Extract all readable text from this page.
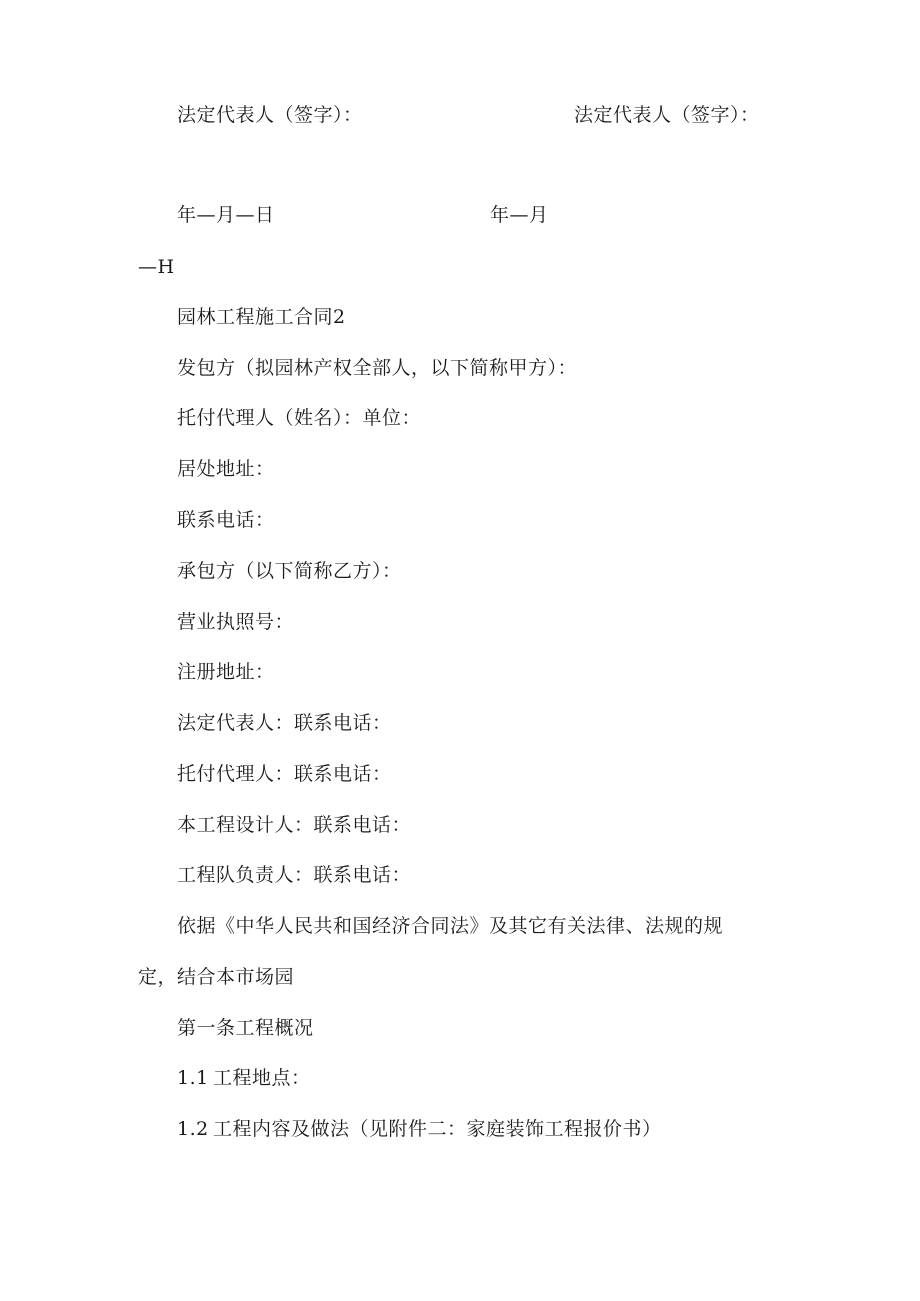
法定代表人（签字）：	法定代表人（签字）：
年—月—日	年—月
—H
园林工程施工合同2
发包方（拟园林产权全部人，以下简称甲方）：
托付代理人（姓名）：单位：
居处地址：
联系电话：
承包方（以下简称乙方）：
营业执照号：
注册地址：
法定代表人：联系电话：
托付代理人：联系电话：
本工程设计人：联系电话：
工程队负责人：联系电话：
依据《中华人民共和国经济合同法》及其它有关法律、法规的规
定，结合本市场园
第一条工程概况
1.1 工程地点：
1.2 工程内容及做法（见附件二：家庭装饰工程报价书）
